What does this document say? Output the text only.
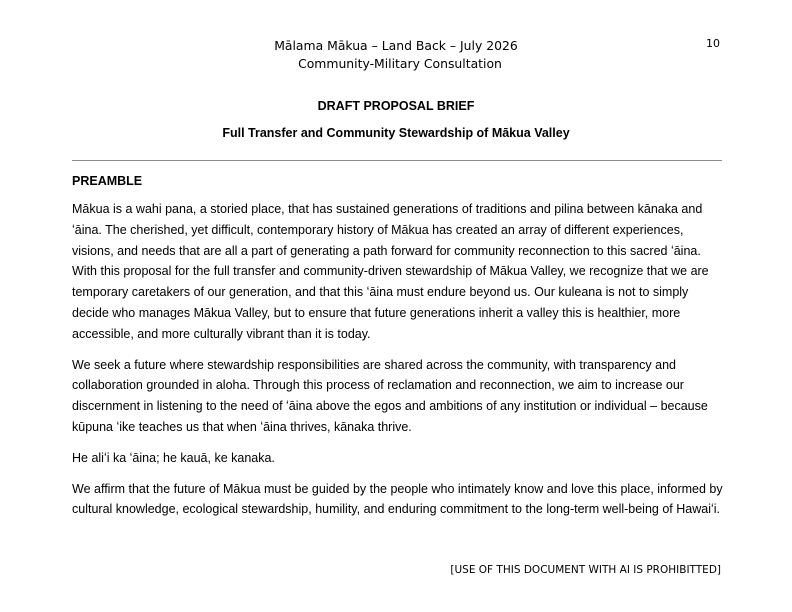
10
Mālama Mākua – Land Back – July 2026
Community-Military Consultation
DRAFT PROPOSAL BRIEF
Full Transfer and Community Stewardship of Mākua Valley
PREAMBLE

Mākua is a wahi pana, a storied place, that has sustained generations of traditions and pilina between kānaka and ʻāina. The cherished, yet difficult, contemporary history of Mākua has created an array of different experiences, visions, and needs that are all a part of generating a path forward for community reconnection to this sacred ʻāina. With this proposal for the full transfer and community-driven stewardship of Mākua Valley, we recognize that we are temporary caretakers of our generation, and that this ʻāina must endure beyond us. Our kuleana is not to simply decide who manages Mākua Valley, but to ensure that future generations inherit a valley this is healthier, more accessible, and more culturally vibrant than it is today.

We seek a future where stewardship responsibilities are shared across the community, with transparency and collaboration grounded in aloha. Through this process of reclamation and reconnection, we aim to increase our discernment in listening to the need of ʻāina above the egos and ambitions of any institution or individual – because kūpuna ʻike teaches us that when ʻāina thrives, kānaka thrive.

He aliʻi ka ʻāina; he kauā, ke kanaka.

We affirm that the future of Mākua must be guided by the people who intimately know and love this place, informed by cultural knowledge, ecological stewardship, humility, and enduring commitment to the long-term well-being of Hawaiʻi.

[USE OF THIS DOCUMENT WITH AI IS PROHIBITTED]
